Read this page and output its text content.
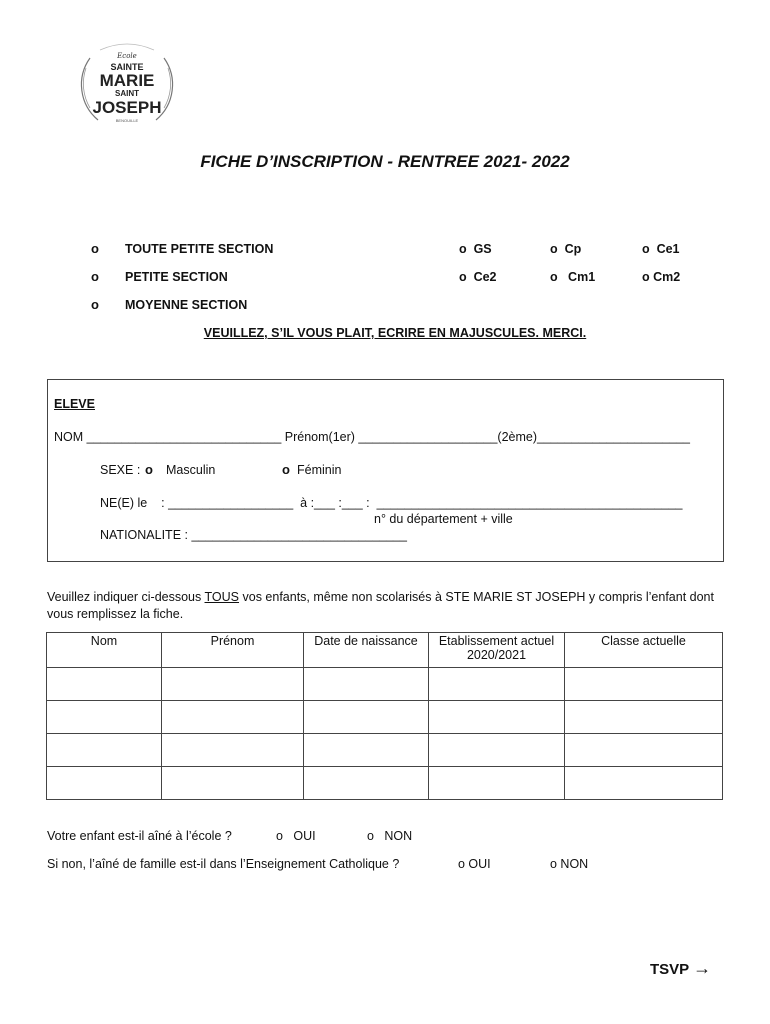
Ecole
SAINTE
MARIE
SAINT
JOSEPH
BENOUILLE
FICHE D’INSCRIPTION - RENTREE 2021- 2022
o TOUTE PETITE SECTION
o PETITE SECTION
o MOYENNE SECTION
o  GS	o  Cp	o  Ce1
o  Ce2	o   Cm1	o Cm2
VEUILLEZ, S’IL VOUS PLAIT, ECRIRE EN MAJUSCULES. MERCI.
ELEVE
NOM ____________________________ Prénom(1er) ____________________(2ème)______________________
SEXE : o Masculin	o Féminin
NE(E) le    : __________________  à :___ :___ :  ____________________________________________
n° du département + ville
NATIONALITE : _______________________________
Veuillez indiquer ci-dessous TOUS vos enfants, même non scolarisés à STE MARIE ST JOSEPH y compris l’enfant dont vous remplissez la fiche.
Nom	Prénom	Date de naissance	Etablissement actuel 2020/2021	Classe actuelle

Votre enfant est-il aîné à l’école ?	o   OUI	o   NON
Si non, l’aîné de famille est-il dans l’Enseignement Catholique ?	o OUI	o NON
TSVP →
